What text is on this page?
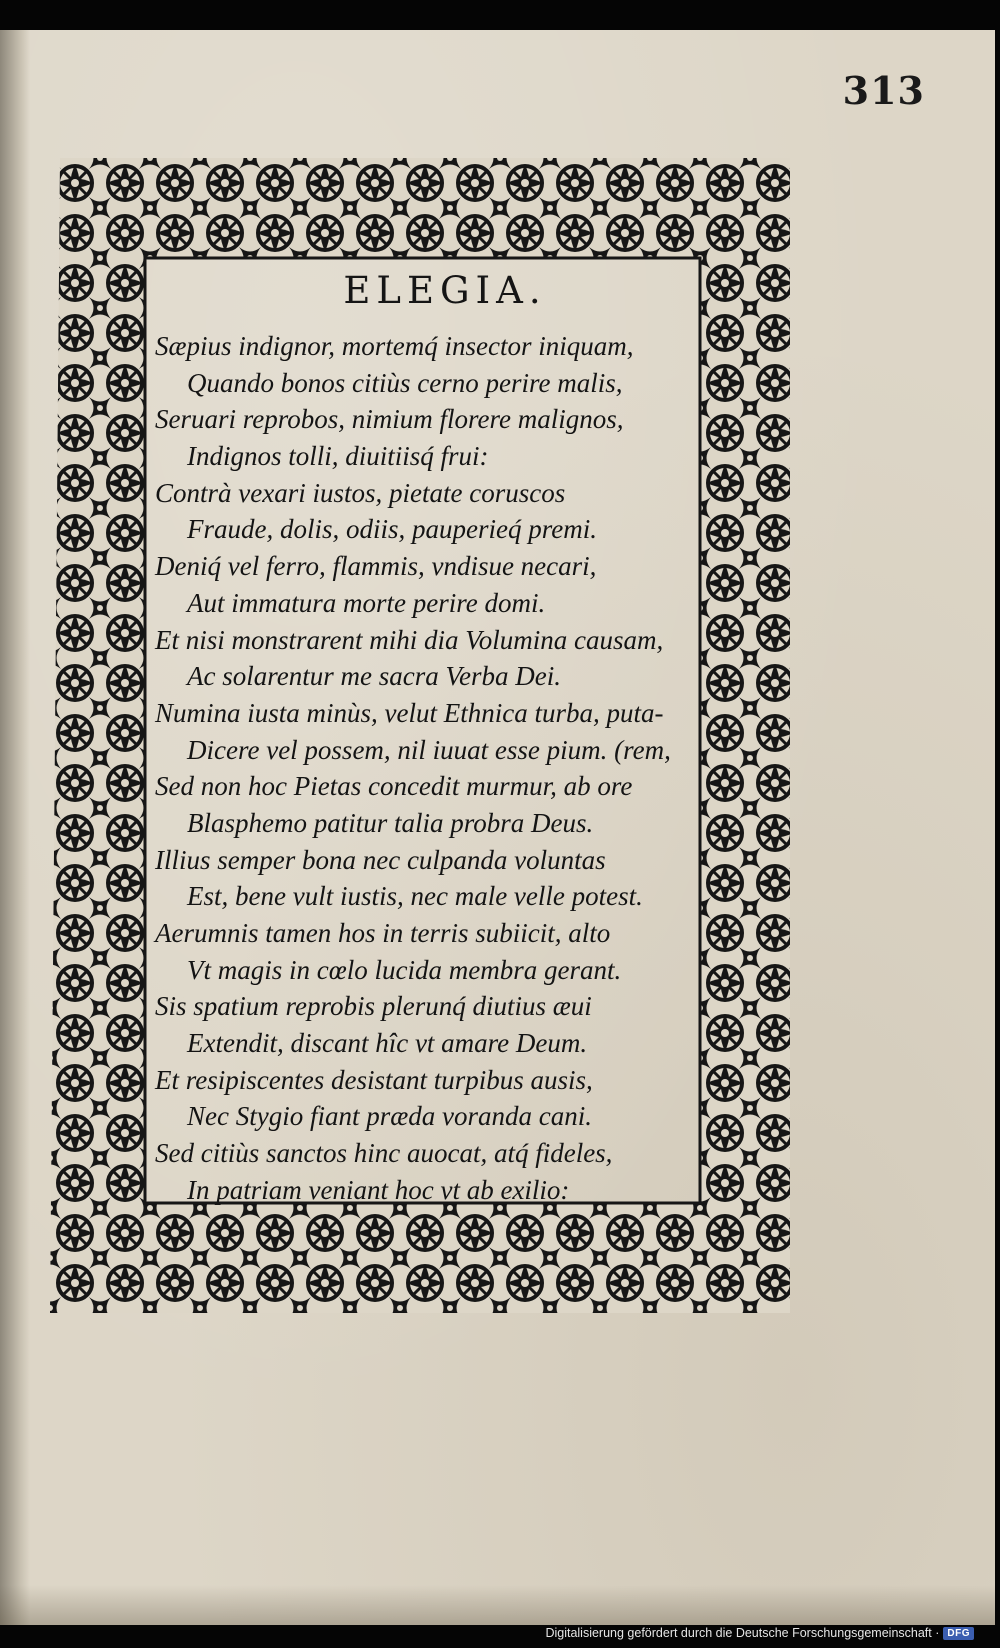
313
ELEGIA.
Sæpius indignor, mortemq́ insector iniquam,
Quando bonos citiùs cerno perire malis,
Seruari reprobos, nimium florere malignos,
Indignos tolli, diuitiisq́ frui:
Contrà vexari iustos, pietate coruscos
Fraude, dolis, odiis, pauperieq́ premi.
Deniq́ vel ferro, flammis, vndisue necari,
Aut immatura morte perire domi.
Et nisi monstrarent mihi dia Volumina causam,
Ac solarentur me sacra Verba Dei.
Numina iusta minùs, velut Ethnica turba, puta-
Dicere vel possem, nil iuuat esse pium. (rem,
Sed non hoc Pietas concedit murmur, ab ore
Blasphemo patitur talia probra Deus.
Illius semper bona nec culpanda voluntas
Est, bene vult iustis, nec male velle potest.
Aerumnis tamen hos in terris subiicit, alto
Vt magis in cœlo lucida membra gerant.
Sis spatium reprobis plerunq́ diutius æui
Extendit, discant hîc vt amare Deum.
Et resipiscentes desistant turpibus ausis,
Nec Stygio fiant præda voranda cani.
Sed citiùs sanctos hinc auocat, atq́ fideles,
In patriam veniant hoc vt ab exilio:
Digitalisierung gefördert durch die Deutsche Forschungsgemeinschaft · DFG
